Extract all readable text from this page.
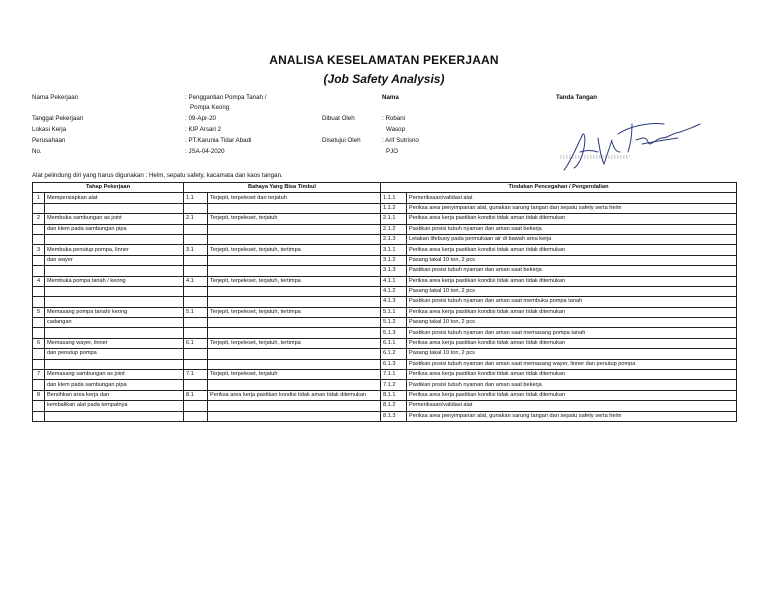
ANALISA KESELAMATAN PEKERJAAN
(Job Safety Analysis)
Nama Pekerjaan	: Penggantian Pompa Tanah /
Pompa Keong
Nama	Tanda Tangan
Tanggal Pekerjaan	: 09-Apr-20	Dibuat Oleh	: Robani
Lokasi Kerja	: KIP Arsari 2	Wasop
Perusahaan	: PT.Karunia Tidar Abadi	Disetujui Oleh	: Arif Sutrisno
No.	: JSA-04-2020	PJO
Alat pelindung diri yang harus digunakan : Helm, sepatu safety, kacamata dan kaos tangan.
Tahap Pekerjaan		Bahaya Yang Bisa Timbul		Tindakan Pencegahan / Pengendalian	
1	Mempersiapkan alat	1.1	Terjepit, terpeleset dan terjatuh	1.1.1	Pemeriksaan/validasi alat
				1.1.2	Periksa area penyimpanan alat, gunakan sarung tangan dan sepatu safety serta helm
2	Membuka sambungan as joint	2.1	Terjepit, terpeleset, terjatuh	2.1.1	Periksa area kerja pastikan kondisi tidak aman tidak ditemukan
	dan klem pada sambungan pipa			2.1.2	Pastikan posisi tubuh nyaman dan aman saat bekerja
				2.1.3	Letakan lifebuoy pada permukaan air di bawah area kerja
3	Membuka penutup pompa, linner	3.1	Terjepit, terpeleset, terjatuh, tertimpa	3.1.1	Periksa area kerja pastikan kondisi tidak aman tidak ditemukan
	dan wayer			3.1.2	Pasang takal 10 ton, 2 pcs
				3.1.3	Pastikan posisi tubuh nyaman dan aman saat bekerja
4	Membuka pompa tanah / keong	4.1	Terjepit, terpeleset, terjatuh, tertimpa	4.1.1	Periksa area kerja pastikan kondisi tidak aman tidak ditemukan
				4.1.2	Pasang takal 10 ton, 2 pcs
				4.1.3	Pastikan posisi tubuh nyaman dan aman saat membuka pompa tanah
5	Memasang pompa tanah/ keong	5.1	Terjepit, terpeleset, terjatuh, tertimpa	5.1.1	Periksa area kerja pastikan kondisi tidak aman tidak ditemukan
	cadangan			5.1.2	Pasang takal 10 ton, 2 pcs
				5.1.3	Pastikan posisi tubuh nyaman dan aman saat memasang pompa tanah
6	Memasang wayer, linner	6.1	Terjepit, terpeleset, terjatuh, tertimpa	6.1.1	Periksa area kerja pastikan kondisi tidak aman tidak ditemukan
	dan penutup pompa			6.1.2	Pasang takal 10 ton, 2 pcs
				6.1.3	Pastikan posisi tubuh nyaman dan aman saat memasang wayer, linner dan penutup pompa
7	Memasang sambungan as joint	7.1	Terjepit, terpeleset, terjatuh	7.1.1	Periksa area kerja pastikan kondisi tidak aman tidak ditemukan
	dan klem pada sambungan pipa			7.1.2	Pastikan posisi tubuh nyaman dan aman saat bekerja
8	Bersihkan area kerja dan	8.1	Periksa area kerja pastikan kondisi tidak aman tidak ditemukan	8.1.1	Periksa area kerja pastikan kondisi tidak aman tidak ditemukan
	kembalikan alat pada tempatnya			8.1.2	Pemeriksaan/validasi alat
				8.1.3	Periksa area penyimpanan alat, gunakan sarung tangan dan sepatu safety serta helm
